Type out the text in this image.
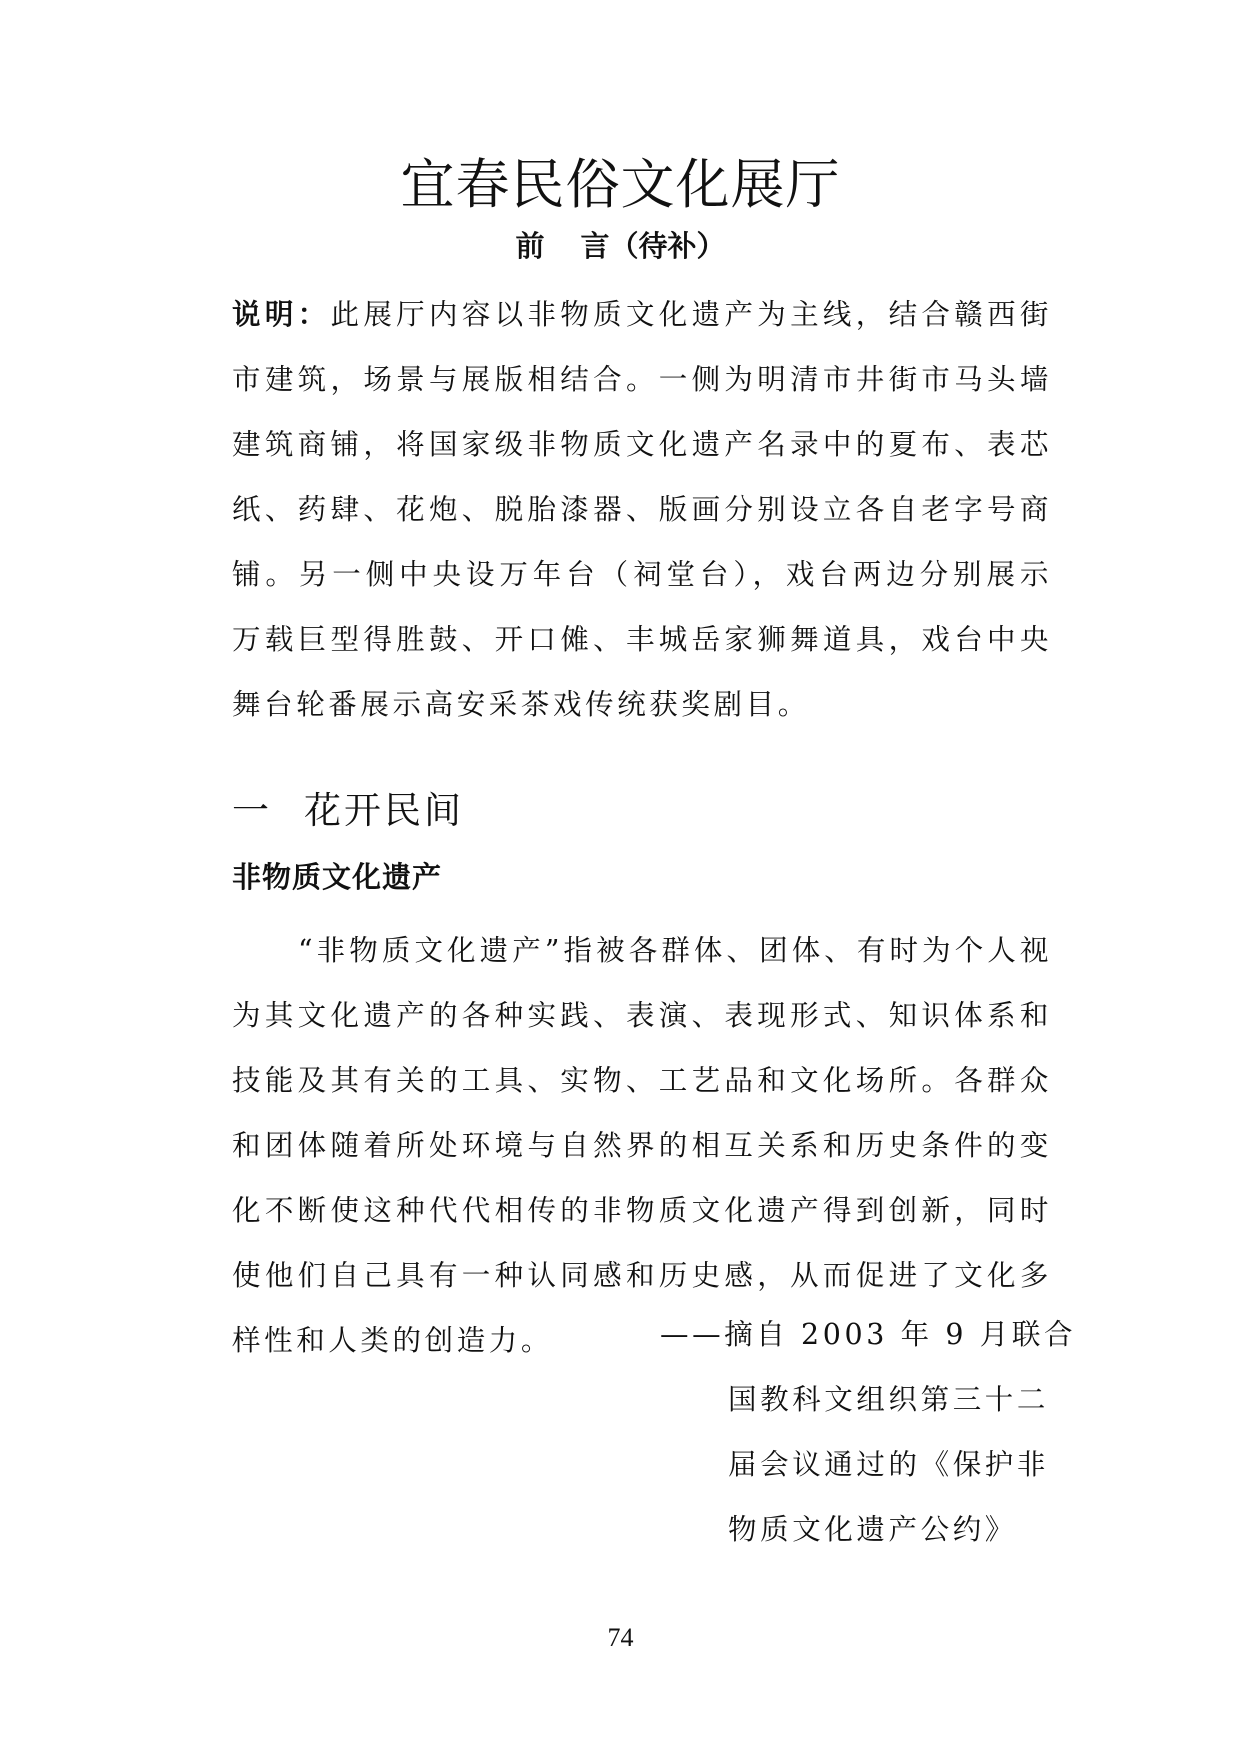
宜春民俗文化展厅
前 言（待补）
说明：此展厅内容以非物质文化遗产为主线，结合赣西街市建筑，场景与展版相结合。一侧为明清市井街市马头墙建筑商铺，将国家级非物质文化遗产名录中的夏布、表芯纸、药肆、花炮、脱胎漆器、版画分别设立各自老字号商铺。另一侧中央设万年台（祠堂台），戏台两边分别展示万载巨型得胜鼓、开口傩、丰城岳家狮舞道具，戏台中央舞台轮番展示高安采茶戏传统获奖剧目。
一 花开民间
非物质文化遗产
“非物质文化遗产”指被各群体、团体、有时为个人视为其文化遗产的各种实践、表演、表现形式、知识体系和技能及其有关的工具、实物、工艺品和文化场所。各群众和团体随着所处环境与自然界的相互关系和历史条件的变化不断使这种代代相传的非物质文化遗产得到创新，同时使他们自己具有一种认同感和历史感，从而促进了文化多样性和人类的创造力。	——摘自 2003 年 9 月联合
国教科文组织第三十二
届会议通过的《保护非
物质文化遗产公约》
74
